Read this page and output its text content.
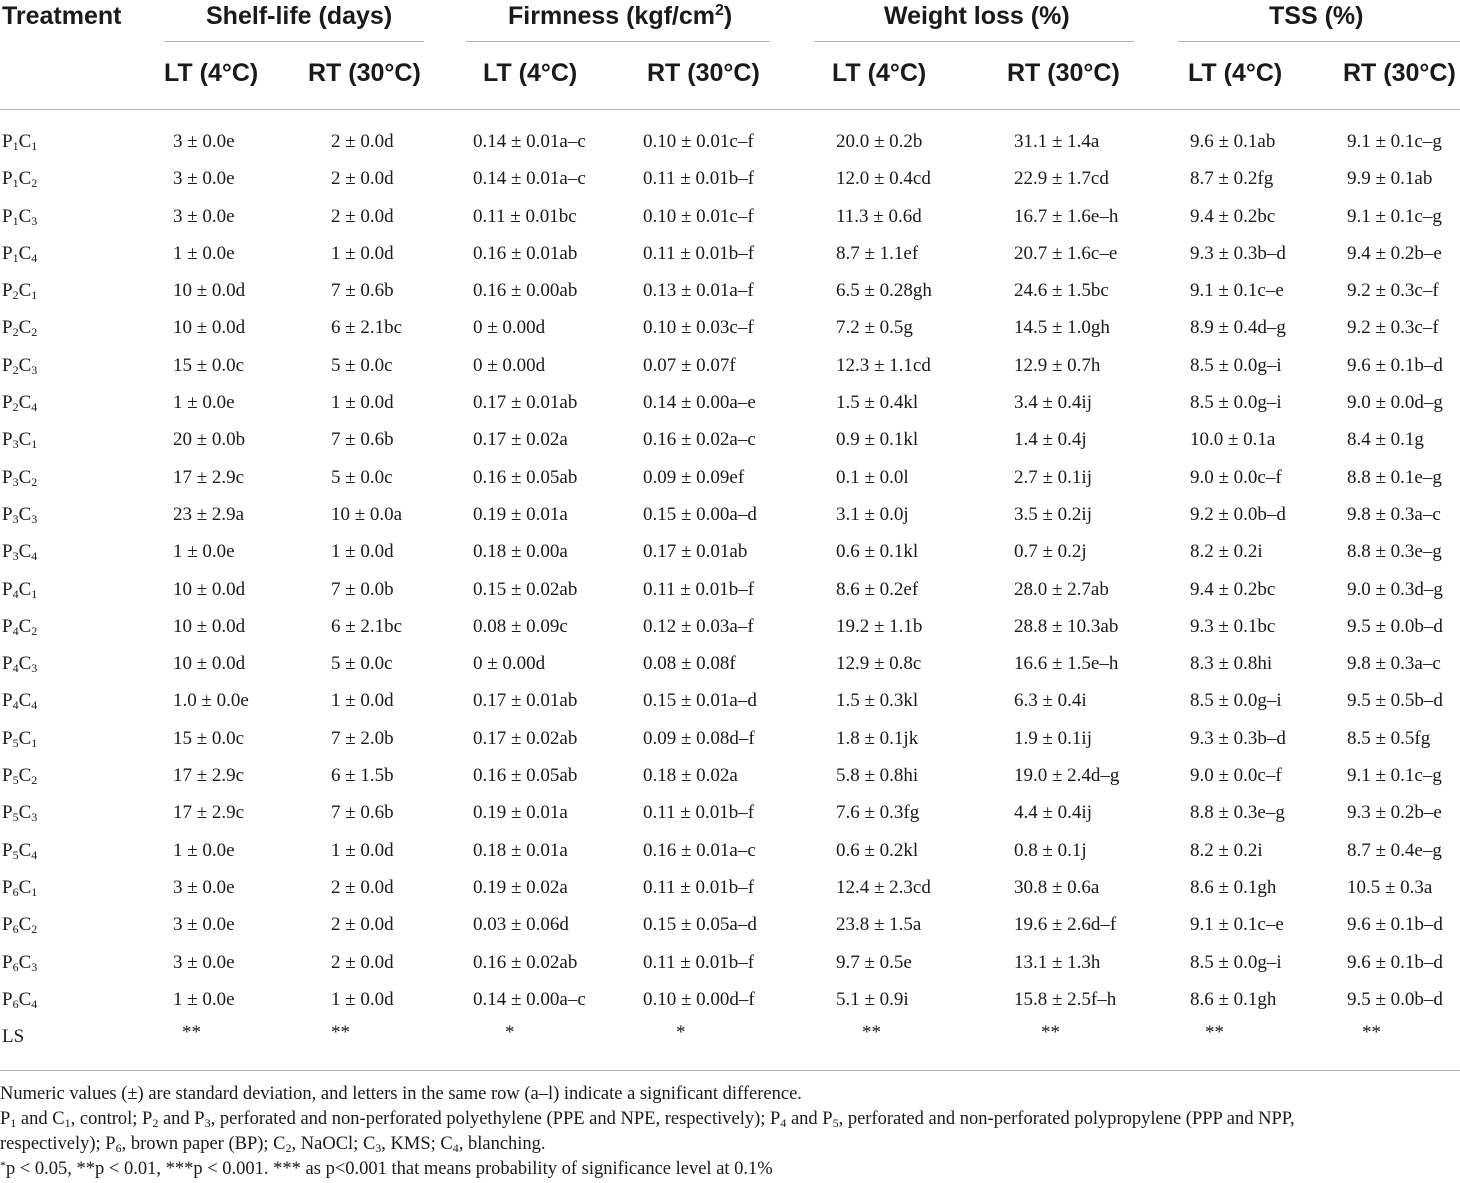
Treatment	Shelf-life (days)	Firmness $(kgf/cm^2)$	Weight loss (%)	TSS (%)
LT (4°C) RT (30°C) LT (4°C)	RT (30°C)	LT (4°C)	RT (30°C)	LT (4°C) RT (30°C)
$P_1C_1$	3 ± 0.0e	2 ± 0.0d	0.14 ± 0.01a–c	0.10 ± 0.01c–f	20.0 ± 0.2b	31.1 ± 1.4a	9.6 ± 0.1ab	9.1 ± 0.1c–g
$P_1C_2$	3 ± 0.0e	2 ± 0.0d	0.14 ± 0.01a–c	0.11 ± 0.01b–f	12.0 ± 0.4cd	22.9 ± 1.7cd	8.7 ± 0.2fg	9.9 ± 0.1ab
$P_1C_3$	3 ± 0.0e	2 ± 0.0d	0.11 ± 0.01bc	0.10 ± 0.01c–f	11.3 ± 0.6d	16.7 ± 1.6e–h	9.4 ± 0.2bc	9.1 ± 0.1c–g
$P_1C_4$	1 ± 0.0e	1 ± 0.0d	0.16 ± 0.01ab	0.11 ± 0.01b–f	8.7 ± 1.1ef	20.7 ± 1.6c–e	9.3 ± 0.3b–d	9.4 ± 0.2b–e
$P_2C_1$	10 ± 0.0d	7 ± 0.6b	0.16 ± 0.00ab	0.13 ± 0.01a–f	6.5 ± 0.28gh	24.6 ± 1.5bc	9.1 ± 0.1c–e	9.2 ± 0.3c–f
$P_2C_2$	10 ± 0.0d	6 ± 2.1bc	0 ± 0.00d	0.10 ± 0.03c–f	7.2 ± 0.5g	14.5 ± 1.0gh	8.9 ± 0.4d–g	9.2 ± 0.3c–f
$P_2C_3$	15 ± 0.0c	5 ± 0.0c	0 ± 0.00d	0.07 ± 0.07f	12.3 ± 1.1cd	12.9 ± 0.7h	8.5 ± 0.0g–i	9.6 ± 0.1b–d
$P_2C_4$	1 ± 0.0e	1 ± 0.0d	0.17 ± 0.01ab	0.14 ± 0.00a–e	1.5 ± 0.4kl	3.4 ± 0.4ij	8.5 ± 0.0g–i	9.0 ± 0.0d–g
$P_3C_1$	20 ± 0.0b	7 ± 0.6b	0.17 ± 0.02a	0.16 ± 0.02a–c	0.9 ± 0.1kl	1.4 ± 0.4j	10.0 ± 0.1a	8.4 ± 0.1g
$P_3C_2$	17 ± 2.9c	5 ± 0.0c	0.16 ± 0.05ab	0.09 ± 0.09ef	0.1 ± 0.0l	2.7 ± 0.1ij	9.0 ± 0.0c–f	8.8 ± 0.1e–g
$P_3C_3$	23 ± 2.9a	10 ± 0.0a	0.19 ± 0.01a	0.15 ± 0.00a–d	3.1 ± 0.0j	3.5 ± 0.2ij	9.2 ± 0.0b–d	9.8 ± 0.3a–c
$P_3C_4$	1 ± 0.0e	1 ± 0.0d	0.18 ± 0.00a	0.17 ± 0.01ab	0.6 ± 0.1kl	0.7 ± 0.2j	8.2 ± 0.2i	8.8 ± 0.3e–g
$P_4C_1$	10 ± 0.0d	7 ± 0.0b	0.15 ± 0.02ab	0.11 ± 0.01b–f	8.6 ± 0.2ef	28.0 ± 2.7ab	9.4 ± 0.2bc	9.0 ± 0.3d–g
$P_4C_2$	10 ± 0.0d	6 ± 2.1bc	0.08 ± 0.09c	0.12 ± 0.03a–f	19.2 ± 1.1b	28.8 ± 10.3ab	9.3 ± 0.1bc	9.5 ± 0.0b–d
$P_4C_3$	10 ± 0.0d	5 ± 0.0c	0 ± 0.00d	0.08 ± 0.08f	12.9 ± 0.8c	16.6 ± 1.5e–h	8.3 ± 0.8hi	9.8 ± 0.3a–c
$P_4C_4$	1.0 ± 0.0e	1 ± 0.0d	0.17 ± 0.01ab	0.15 ± 0.01a–d	1.5 ± 0.3kl	6.3 ± 0.4i	8.5 ± 0.0g–i	9.5 ± 0.5b–d
$P_5C_1$	15 ± 0.0c	7 ± 2.0b	0.17 ± 0.02ab	0.09 ± 0.08d–f	1.8 ± 0.1jk	1.9 ± 0.1ij	9.3 ± 0.3b–d	8.5 ± 0.5fg
$P_5C_2$	17 ± 2.9c	6 ± 1.5b	0.16 ± 0.05ab	0.18 ± 0.02a	5.8 ± 0.8hi	19.0 ± 2.4d–g	9.0 ± 0.0c–f	9.1 ± 0.1c–g
$P_5C_3$	17 ± 2.9c	7 ± 0.6b	0.19 ± 0.01a	0.11 ± 0.01b–f	7.6 ± 0.3fg	4.4 ± 0.4ij	8.8 ± 0.3e–g	9.3 ± 0.2b–e
$P_5C_4$	1 ± 0.0e	1 ± 0.0d	0.18 ± 0.01a	0.16 ± 0.01a–c	0.6 ± 0.2kl	0.8 ± 0.1j	8.2 ± 0.2i	8.7 ± 0.4e–g
$P_6C_1$	3 ± 0.0e	2 ± 0.0d	0.19 ± 0.02a	0.11 ± 0.01b–f	12.4 ± 2.3cd	30.8 ± 0.6a	8.6 ± 0.1gh	10.5 ± 0.3a
$P_6C_2$	3 ± 0.0e	2 ± 0.0d	0.03 ± 0.06d	0.15 ± 0.05a–d	23.8 ± 1.5a	19.6 ± 2.6d–f	9.1 ± 0.1c–e	9.6 ± 0.1b–d
$P_6C_3$	3 ± 0.0e	2 ± 0.0d	0.16 ± 0.02ab	0.11 ± 0.01b–f	9.7 ± 0.5e	13.1 ± 1.3h	8.5 ± 0.0g–i	9.6 ± 0.1b–d
$P_6C_4$	1 ± 0.0e	1 ± 0.0d	0.14 ± 0.00a–c	0.10 ± 0.00d–f	5.1 ± 0.9i	15.8 ± 2.5f–h	8.6 ± 0.1gh	9.5 ± 0.0b–d
LS	**	**	*	*	**	**	**	**

Numeric values (±) are standard deviation, and letters in the same row (a–l) indicate a significant difference.

$P_1$ and $C_1$, control; $P_2$ and $P_3$, perforated and non-perforated polyethylene (PPE and NPE, respectively); $P_4$ and $P_5$, perforated and non-perforated polypropylene (PPP and NPP,

respectively); $P_6$, brown paper (BP); $C_2$, NaOCl; $C_3$, KMS; $C_4$, blanching.

*p < 0.05, **p < 0.01, ***p < 0.001. *** as p<0.001 that means probability of significance level at 0.1%
